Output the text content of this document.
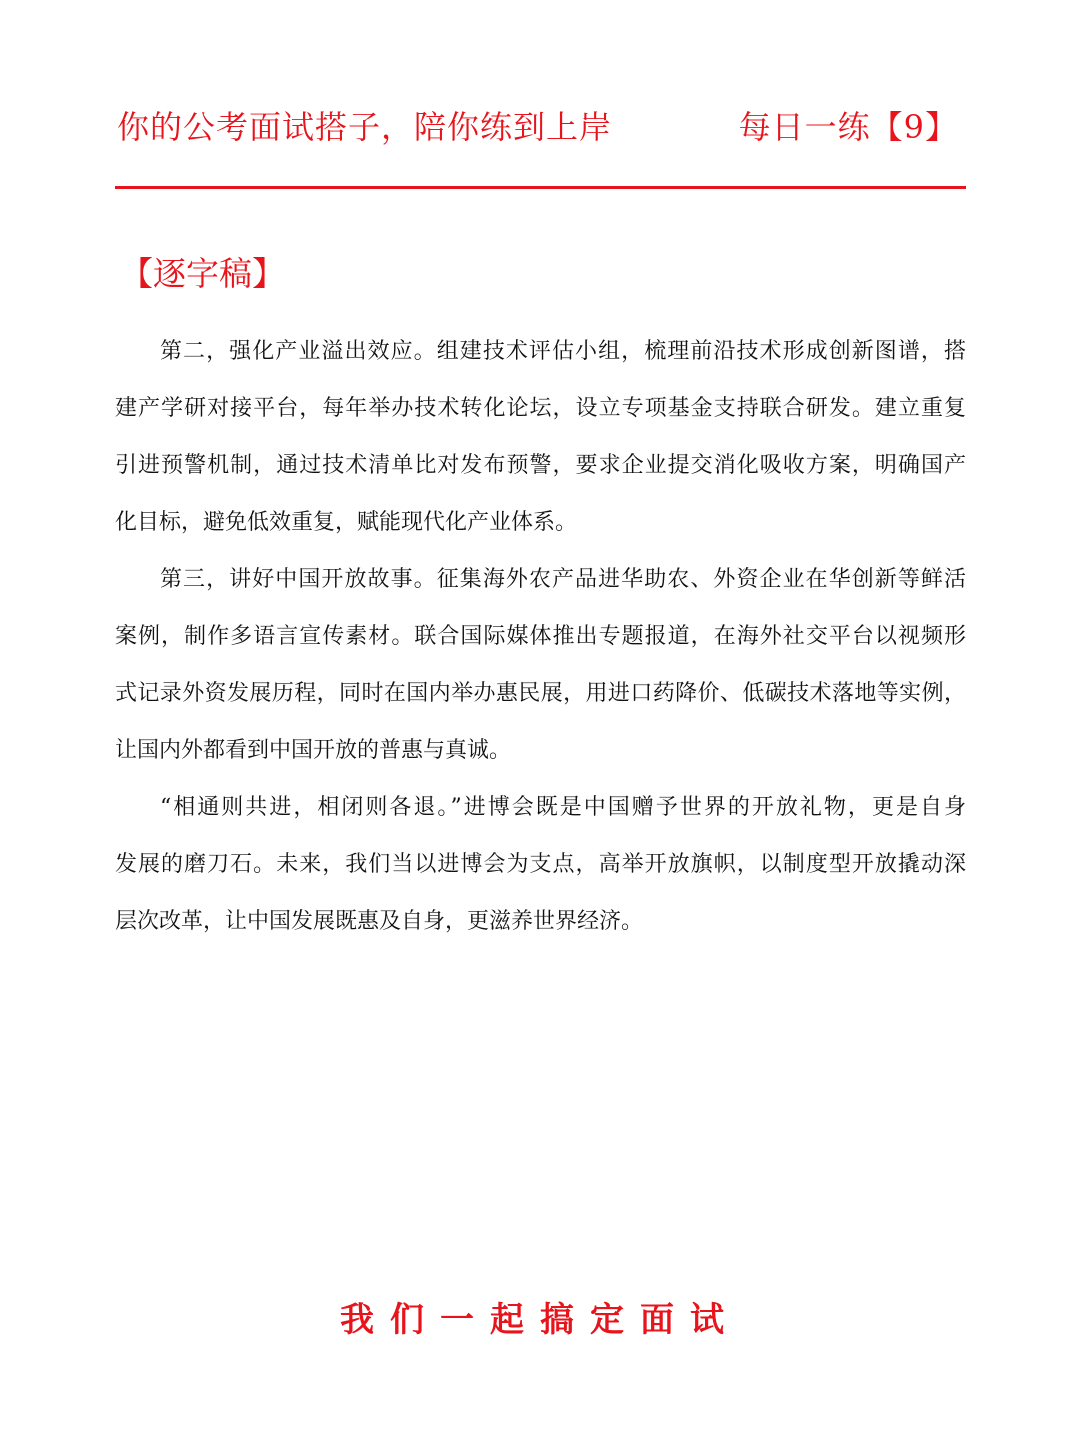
你的公考面试搭子，陪你练到上岸	每日一练【9】
【逐字稿】
第二，强化产业溢出效应。组建技术评估小组，梳理前沿技术形成创新图谱，搭
建产学研对接平台，每年举办技术转化论坛，设立专项基金支持联合研发。建立重复
引进预警机制，通过技术清单比对发布预警，要求企业提交消化吸收方案，明确国产
化目标，避免低效重复，赋能现代化产业体系。
第三，讲好中国开放故事。征集海外农产品进华助农、外资企业在华创新等鲜活
案例，制作多语言宣传素材。联合国际媒体推出专题报道，在海外社交平台以视频形
式记录外资发展历程，同时在国内举办惠民展，用进口药降价、低碳技术落地等实例，
让国内外都看到中国开放的普惠与真诚。
“相通则共进，相闭则各退。”进博会既是中国赠予世界的开放礼物，更是自身
发展的磨刀石。未来，我们当以进博会为支点，高举开放旗帜，以制度型开放撬动深
层次改革，让中国发展既惠及自身，更滋养世界经济。
我们一起搞定面试
